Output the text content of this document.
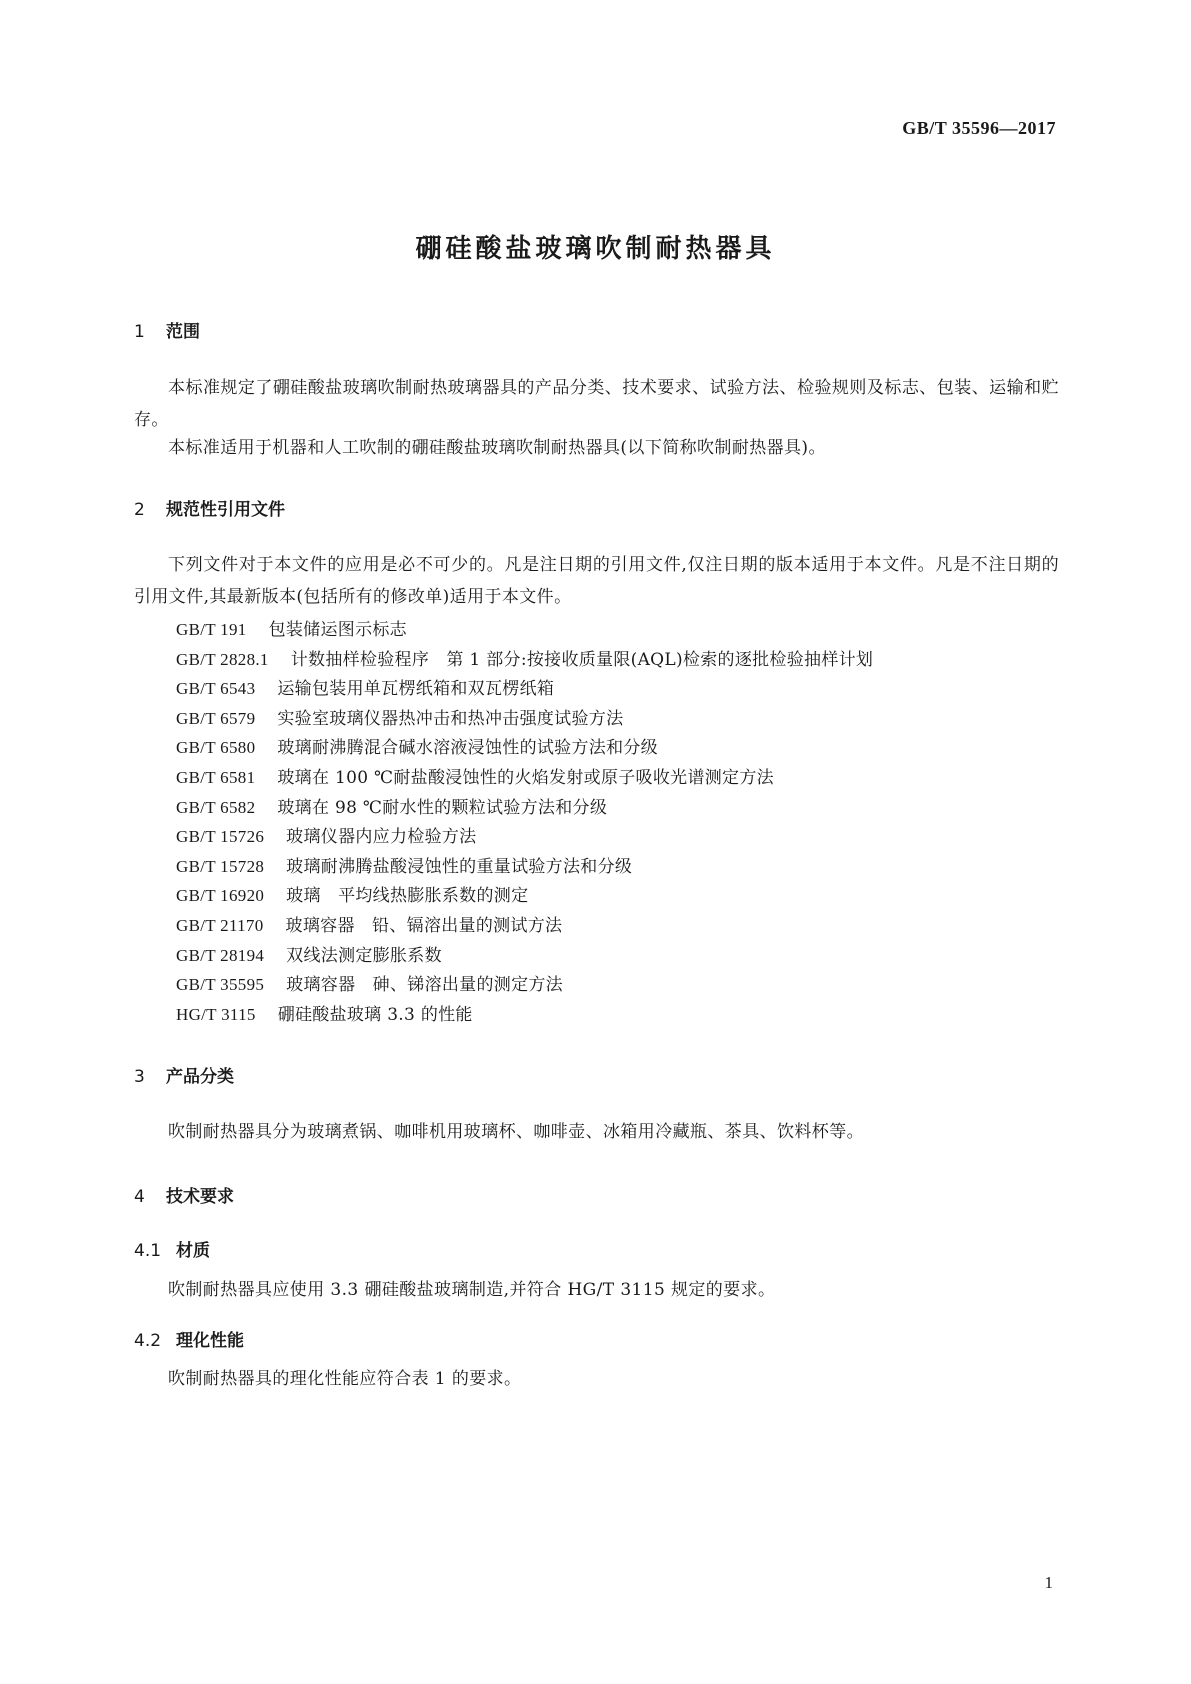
GB/T 35596—2017
硼硅酸盐玻璃吹制耐热器具
1 范围
本标准规定了硼硅酸盐玻璃吹制耐热玻璃器具的产品分类、技术要求、试验方法、检验规则及标志、包装、运输和贮存。
本标准适用于机器和人工吹制的硼硅酸盐玻璃吹制耐热器具(以下简称吹制耐热器具)。
2 规范性引用文件
下列文件对于本文件的应用是必不可少的。凡是注日期的引用文件,仅注日期的版本适用于本文件。凡是不注日期的引用文件,其最新版本(包括所有的修改单)适用于本文件。
GB/T 191 包装储运图示标志
GB/T 2828.1 计数抽样检验程序　第 1 部分:按接收质量限(AQL)检索的逐批检验抽样计划
GB/T 6543 运输包装用单瓦楞纸箱和双瓦楞纸箱
GB/T 6579 实验室玻璃仪器热冲击和热冲击强度试验方法
GB/T 6580 玻璃耐沸腾混合碱水溶液浸蚀性的试验方法和分级
GB/T 6581 玻璃在 100 ℃耐盐酸浸蚀性的火焰发射或原子吸收光谱测定方法
GB/T 6582 玻璃在 98 ℃耐水性的颗粒试验方法和分级
GB/T 15726 玻璃仪器内应力检验方法
GB/T 15728 玻璃耐沸腾盐酸浸蚀性的重量试验方法和分级
GB/T 16920 玻璃　平均线热膨胀系数的测定
GB/T 21170 玻璃容器　铅、镉溶出量的测试方法
GB/T 28194 双线法测定膨胀系数
GB/T 35595 玻璃容器　砷、锑溶出量的测定方法
HG/T 3115 硼硅酸盐玻璃 3.3 的性能
3 产品分类
吹制耐热器具分为玻璃煮锅、咖啡机用玻璃杯、咖啡壶、冰箱用冷藏瓶、茶具、饮料杯等。
4 技术要求
4.1 材质
吹制耐热器具应使用 3.3 硼硅酸盐玻璃制造,并符合 HG/T 3115 规定的要求。
4.2 理化性能
吹制耐热器具的理化性能应符合表 1 的要求。
1
